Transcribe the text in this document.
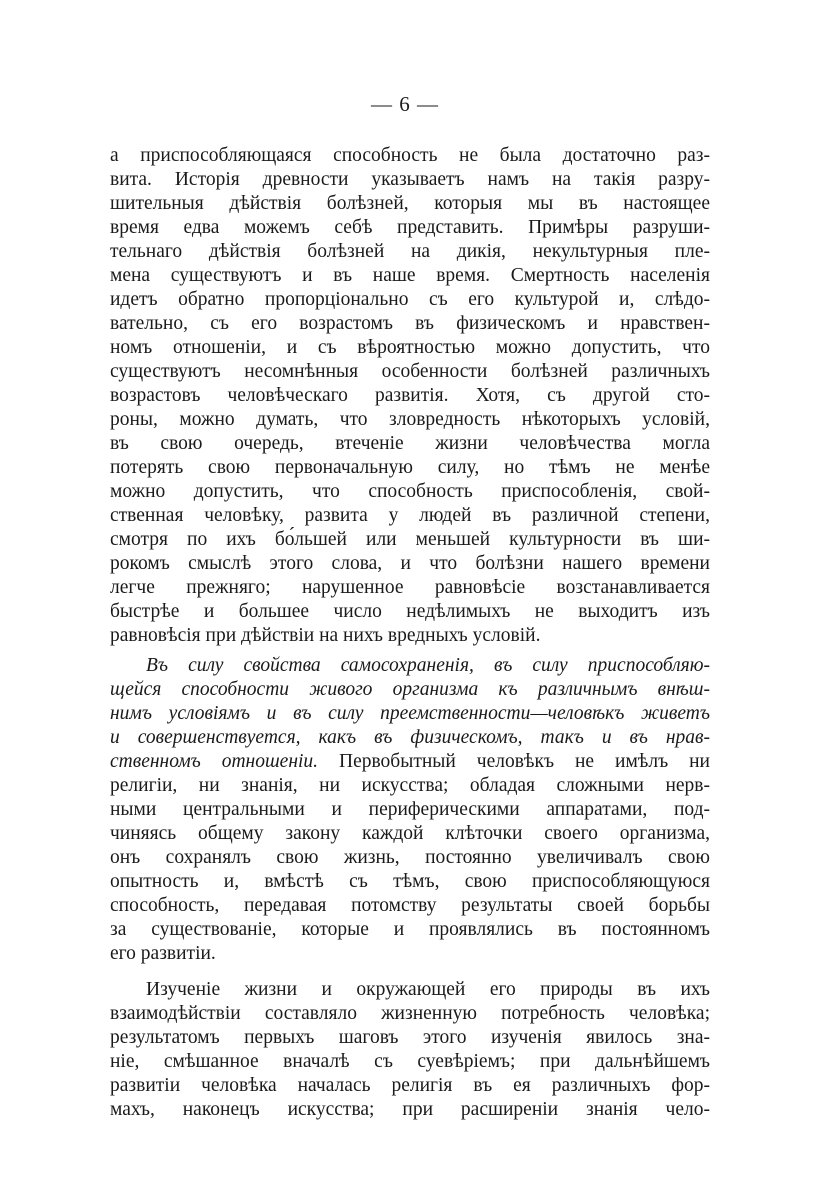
— 6 —
а приспособляющаяся способность не была достаточно раз-
вита. Исторія древности указываетъ намъ на такія разру-
шительныя дѣйствія болѣзней, которыя мы въ настоящее
время едва можемъ себѣ представить. Примѣры разруши-
тельнаго дѣйствія болѣзней на дикія, некультурныя пле-
мена существуютъ и въ наше время. Смертность населенія
идетъ обратно пропорціонально съ его культурой и, слѣдо-
вательно, съ его возрастомъ въ физическомъ и нравствен-
номъ отношеніи, и съ вѣроятностью можно допустить, что
существуютъ несомнѣнныя особенности болѣзней различныхъ
возрастовъ человѣческаго развитія. Хотя, съ другой сто-
роны, можно думать, что зловредность нѣкоторыхъ условій,
въ свою очередь, втеченіе жизни человѣчества могла
потерять свою первоначальную силу, но тѣмъ не менѣе
можно допустить, что способность приспособленія, свой-
ственная человѣку, развита у людей въ различной степени,
смотря по ихъ бо́льшей или меньшей культурности въ ши-
рокомъ смыслѣ этого слова, и что болѣзни нашего времени
легче прежняго; нарушенное равновѣсіе возстанавливается
быстрѣе и большее число недѣлимыхъ не выходитъ изъ
равновѣсія при дѣйствіи на нихъ вредныхъ условій.
Въ силу свойства самосохраненія, въ силу приспособляю-
щейся способности живого организма къ различнымъ внѣш-
нимъ условіямъ и въ силу преемственности—человѣкъ живетъ
и совершенствуется, какъ въ физическомъ, такъ и въ нрав-
ственномъ отношеніи. Первобытный человѣкъ не имѣлъ ни
религіи, ни знанія, ни искусства; обладая сложными нерв-
ными центральными и периферическими аппаратами, под-
чиняясь общему закону каждой клѣточки своего организма,
онъ сохранялъ свою жизнь, постоянно увеличивалъ свою
опытность и, вмѣстѣ съ тѣмъ, свою приспособляющуюся
способность, передавая потомству результаты своей борьбы
за существованіе, которые и проявлялись въ постоянномъ
его развитіи.
Изученіе жизни и окружающей его природы въ ихъ
взаимодѣйствіи составляло жизненную потребность человѣка;
результатомъ первыхъ шаговъ этого изученія явилось зна-
ніе, смѣшанное вначалѣ съ суевѣріемъ; при дальнѣйшемъ
развитіи человѣка началась религія въ ея различныхъ фор-
махъ, наконецъ искусства; при расширеніи знанія чело-
